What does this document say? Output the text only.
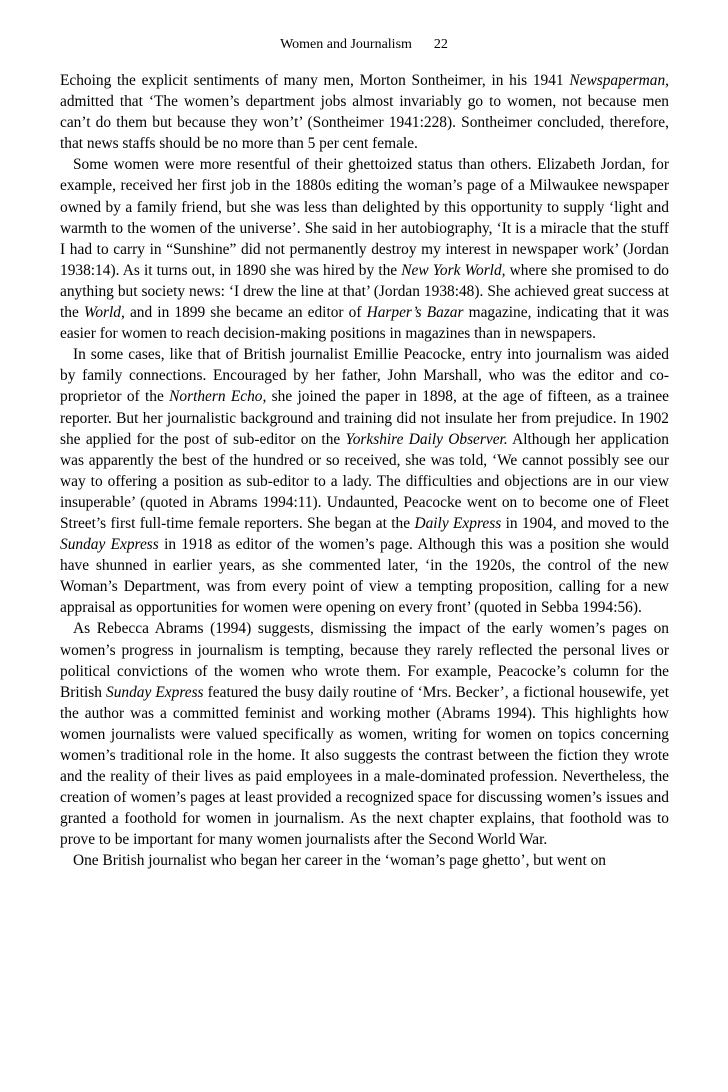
Women and Journalism 22

Echoing the explicit sentiments of many men, Morton Sontheimer, in his 1941 Newspaperman, admitted that ‘The women’s department jobs almost invariably go to women, not because men can’t do them but because they won’t’ (Sontheimer 1941:228). Sontheimer concluded, therefore, that news staffs should be no more than 5 per cent female.

Some women were more resentful of their ghettoized status than others. Elizabeth Jordan, for example, received her first job in the 1880s editing the woman’s page of a Milwaukee newspaper owned by a family friend, but she was less than delighted by this opportunity to supply ‘light and warmth to the women of the universe’. She said in her autobiography, ‘It is a miracle that the stuff I had to carry in “Sunshine” did not permanently destroy my interest in newspaper work’ (Jordan 1938:14). As it turns out, in 1890 she was hired by the New York World, where she promised to do anything but society news: ‘I drew the line at that’ (Jordan 1938:48). She achieved great success at the World, and in 1899 she became an editor of Harper’s Bazar magazine, indicating that it was easier for women to reach decision-making positions in magazines than in newspapers.

In some cases, like that of British journalist Emillie Peacocke, entry into journalism was aided by family connections. Encouraged by her father, John Marshall, who was the editor and co-proprietor of the Northern Echo, she joined the paper in 1898, at the age of fifteen, as a trainee reporter. But her journalistic background and training did not insulate her from prejudice. In 1902 she applied for the post of sub-editor on the Yorkshire Daily Observer. Although her application was apparently the best of the hundred or so received, she was told, ‘We cannot possibly see our way to offering a position as sub-editor to a lady. The difficulties and objections are in our view insuperable’ (quoted in Abrams 1994:11). Undaunted, Peacocke went on to become one of Fleet Street’s first full-time female reporters. She began at the Daily Express in 1904, and moved to the Sunday Express in 1918 as editor of the women’s page. Although this was a position she would have shunned in earlier years, as she commented later, ‘in the 1920s, the control of the new Woman’s Department, was from every point of view a tempting proposition, calling for a new appraisal as opportunities for women were opening on every front’ (quoted in Sebba 1994:56).

As Rebecca Abrams (1994) suggests, dismissing the impact of the early women’s pages on women’s progress in journalism is tempting, because they rarely reflected the personal lives or political convictions of the women who wrote them. For example, Peacocke’s column for the British Sunday Express featured the busy daily routine of ‘Mrs. Becker’, a fictional housewife, yet the author was a committed feminist and working mother (Abrams 1994). This highlights how women journalists were valued specifically as women, writing for women on topics concerning women’s traditional role in the home. It also suggests the contrast between the fiction they wrote and the reality of their lives as paid employees in a male-dominated profession. Nevertheless, the creation of women’s pages at least provided a recognized space for discussing women’s issues and granted a foothold for women in journalism. As the next chapter explains, that foothold was to prove to be important for many women journalists after the Second World War.

One British journalist who began her career in the ‘woman’s page ghetto’, but went on
